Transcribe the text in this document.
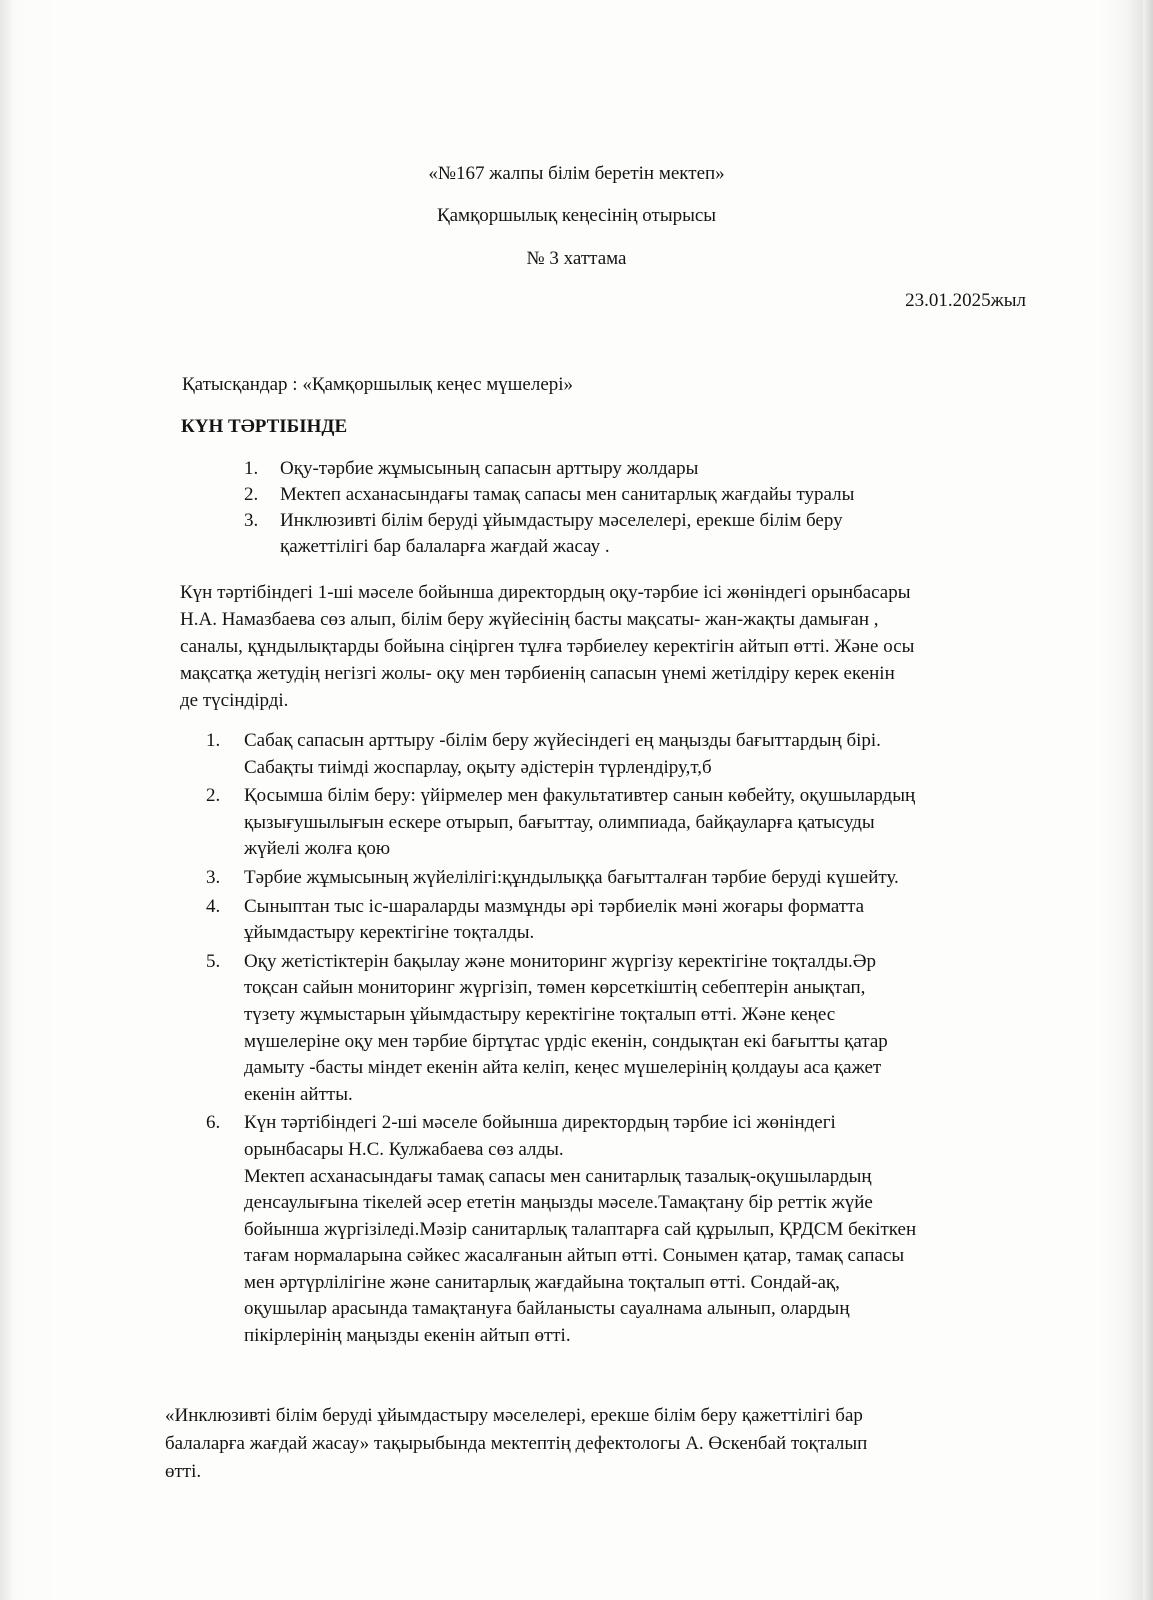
«№167 жалпы білім беретін мектеп»
Қамқоршылық кеңесінің отырысы
№ 3 хаттама
23.01.2025жыл
Қатысқандар : «Қамқоршылық кеңес мүшелері»
КҮН ТӘРТІБІНДЕ
1. Оқу-тәрбие жұмысының сапасын арттыру жолдары
2. Мектеп асханасындағы тамақ сапасы мен санитарлық жағдайы туралы
3. Инклюзивті білім беруді ұйымдастыру мәселелері, ерекше білім беру
қажеттілігі бар балаларға жағдай жасау .
Күн тәртібіндегі 1-ші мәселе бойынша директордың оқу-тәрбие ісі жөніндегі орынбасары
Н.А. Намазбаева сөз алып, білім беру жүйесінің басты мақсаты- жан-жақты дамыған ,
саналы, құндылықтарды бойына сіңірген тұлға тәрбиелеу керектігін айтып өтті. Және осы
мақсатқа жетудің негізгі жолы- оқу мен тәрбиенің сапасын үнемі жетілдіру керек екенін
де түсіндірді.
1. Сабақ сапасын арттыру -білім беру жүйесіндегі ең маңызды бағыттардың бірі.
Сабақты тиімді жоспарлау, оқыту әдістерін түрлендіру,т,б
2. Қосымша білім беру: үйірмелер мен факультативтер санын көбейту, оқушылардың
қызығушылығын ескере отырып, бағыттау, олимпиада, байқауларға қатысуды
жүйелі жолға қою
3. Тәрбие жұмысының жүйелілігі:құндылыққа бағытталған тәрбие беруді күшейту.
4. Сыныптан тыс іс-шараларды мазмұнды әрі тәрбиелік мәні жоғары форматта
ұйымдастыру керектігіне тоқталды.
5. Оқу жетістіктерін бақылау және мониторинг жүргізу керектігіне тоқталды.Әр
тоқсан сайын мониторинг жүргізіп, төмен көрсеткіштің себептерін анықтап,
түзету жұмыстарын ұйымдастыру керектігіне тоқталып өтті. Және кеңес
мүшелеріне оқу мен тәрбие біртұтас үрдіс екенін, сондықтан екі бағытты қатар
дамыту -басты міндет екенін айта келіп, кеңес мүшелерінің қолдауы аса қажет
екенін айтты.
6. Күн тәртібіндегі 2-ші мәселе бойынша директордың тәрбие ісі жөніндегі
орынбасары Н.С. Кулжабаева сөз алды.
Мектеп асханасындағы тамақ сапасы мен санитарлық тазалық-оқушылардың
денсаулығына тікелей әсер ететін маңызды мәселе.Тамақтану бір реттік жүйе
бойынша жүргізіледі.Мәзір санитарлық талаптарға сай құрылып, ҚРДСМ бекіткен
тағам нормаларына сәйкес жасалғанын айтып өтті. Сонымен қатар, тамақ сапасы
мен әртүрлілігіне және санитарлық жағдайына тоқталып өтті. Сондай-ақ,
оқушылар арасында тамақтануға байланысты сауалнама алынып, олардың
пікірлерінің маңызды екенін айтып өтті.
«Инклюзивті білім беруді ұйымдастыру мәселелері, ерекше білім беру қажеттілігі бар
балаларға жағдай жасау» тақырыбында мектептің дефектологы А. Өскенбай тоқталып
өтті.
